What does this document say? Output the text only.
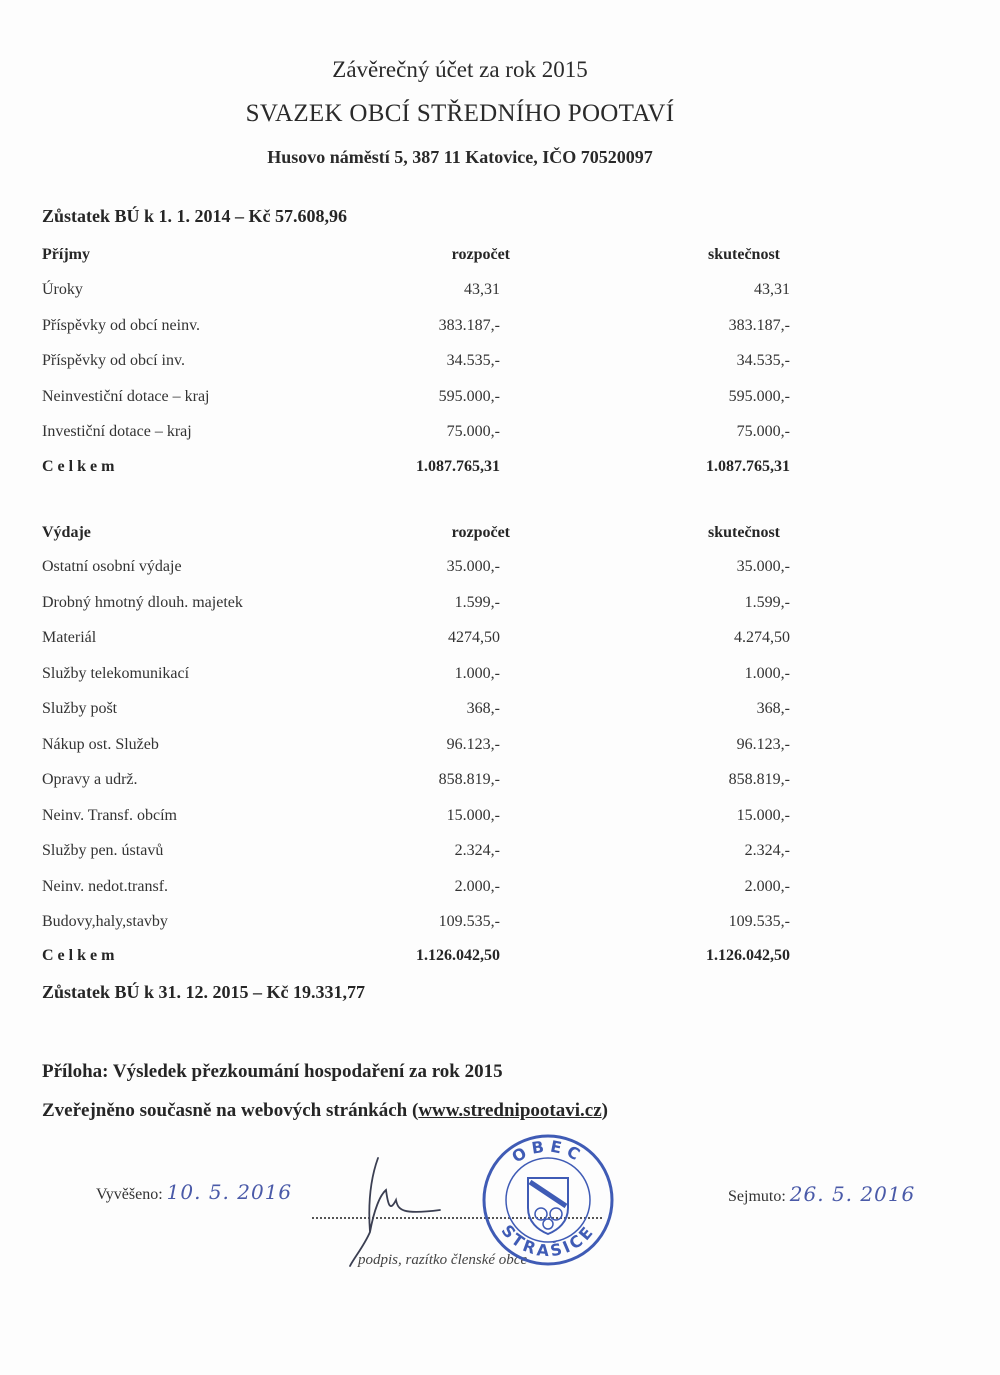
Závěrečný účet za rok 2015
SVAZEK OBCÍ STŘEDNÍHO POOTAVÍ
Husovo náměstí 5, 387 11 Katovice, IČO 70520097
Zůstatek BÚ k 1. 1. 2014 – Kč 57.608,96
Příjmy	rozpočet	skutečnost
Úroky	43,31	43,31
Příspěvky od obcí neinv.	383.187,-	383.187,-
Příspěvky od obcí inv.	34.535,-	34.535,-
Neinvestiční dotace – kraj	595.000,-	595.000,-
Investiční dotace – kraj	75.000,-	75.000,-
Celkem	1.087.765,31	1.087.765,31
Výdaje	rozpočet	skutečnost
Ostatní osobní výdaje	35.000,-	35.000,-
Drobný hmotný dlouh. majetek	1.599,-	1.599,-
Materiál	4274,50	4.274,50
Služby telekomunikací	1.000,-	1.000,-
Služby pošt	368,-	368,-
Nákup ost. Služeb	96.123,-	96.123,-
Opravy a udrž.	858.819,-	858.819,-
Neinv. Transf. obcím	15.000,-	15.000,-
Služby pen. ústavů	2.324,-	2.324,-
Neinv. nedot.transf.	2.000,-	2.000,-
Budovy,haly,stavby	109.535,-	109.535,-
Celkem	1.126.042,50	1.126.042,50
Zůstatek BÚ k 31. 12. 2015 – Kč 19.331,77
Příloha: Výsledek přezkoumání hospodaření za rok 2015
Zveřejněno současně na webových stránkách (www.strednipootavi.cz)
Vyvěšeno: 10. 5. 2016	Sejmuto: 26. 5. 2016
podpis, razítko členské obce
OBEC
STRAŠICE
